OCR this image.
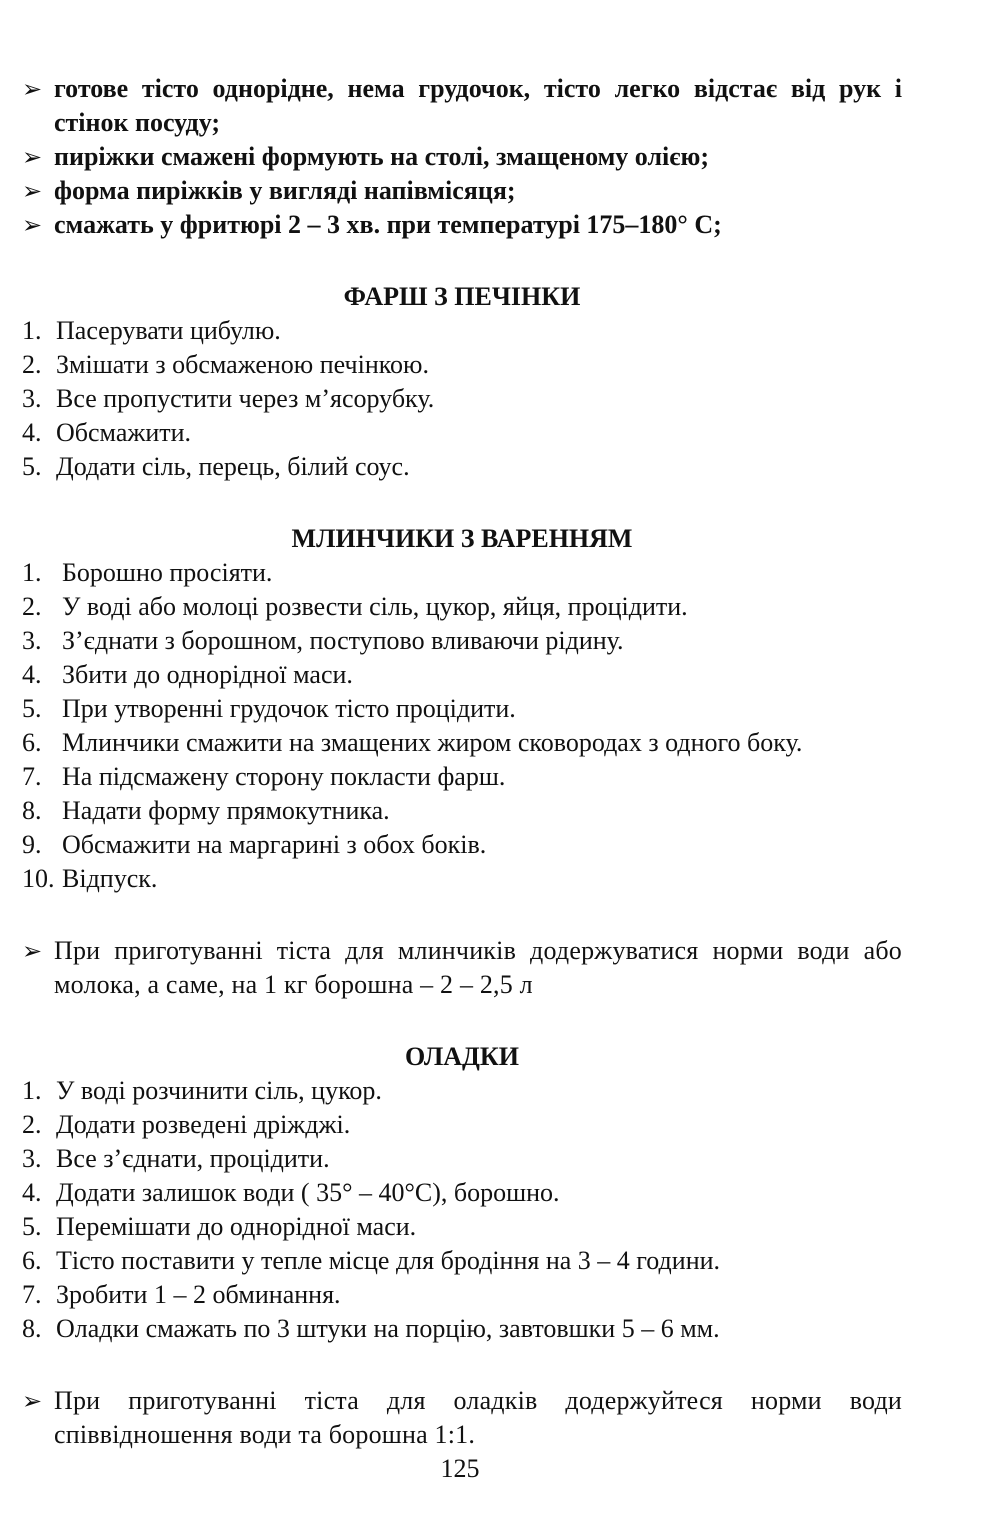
➢ готове тісто однорідне, нема грудочок, тісто легко відстає від рук і стінок посуду;
➢ пиріжки смажені формують на столі, змащеному олією;
➢ форма пиріжків у вигляді напівмісяця;
➢ смажать у фритюрі 2 – 3 хв. при температурі 175–180° С;
ФАРШ З ПЕЧІНКИ
1. Пасерувати цибулю.
2. Змішати з обсмаженою печінкою.
3. Все пропустити через м’ясорубку.
4. Обсмажити.
5. Додати сіль, перець, білий соус.
МЛИНЧИКИ З ВАРЕННЯМ
1. Борошно просіяти.
2. У воді або молоці розвести сіль, цукор, яйця, процідити.
3. З’єднати з борошном, поступово вливаючи рідину.
4. Збити до однорідної маси.
5. При утворенні грудочок тісто процідити.
6. Млинчики смажити на змащених жиром сковородах з одного боку.
7. На підсмажену сторону покласти фарш.
8. Надати форму прямокутника.
9. Обсмажити на маргарині з обох боків.
10. Відпуск.
➢ При приготуванні тіста для млинчиків додержуватися норми води або молока, а саме, на 1 кг борошна – 2 – 2,5 л
ОЛАДКИ
1. У воді розчинити сіль, цукор.
2. Додати розведені дріжджі.
3. Все з’єднати, процідити.
4. Додати залишок води ( 35° – 40°С), борошно.
5. Перемішати до однорідної маси.
6. Тісто поставити у тепле місце для бродіння на 3 – 4 години.
7. Зробити 1 – 2 обминання.
8. Оладки смажать по 3 штуки на порцію, завтовшки 5 – 6 мм.
➢ При приготуванні тіста для оладків додержуйтеся норми води співвідношення води та борошна 1:1.
125
